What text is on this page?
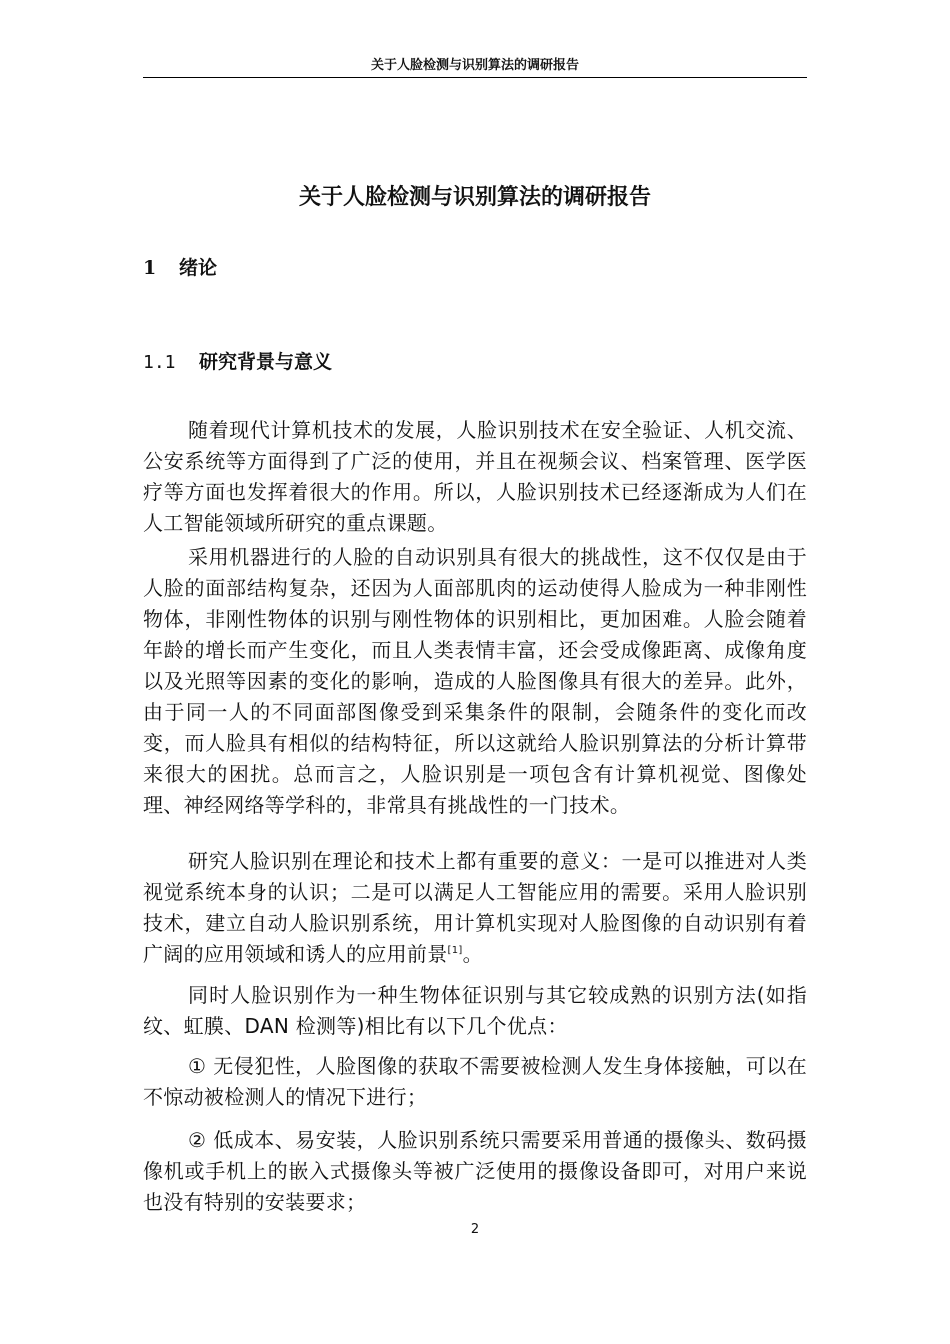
关于人脸检测与识别算法的调研报告
关于人脸检测与识别算法的调研报告
1 绪论
1.1 研究背景与意义

随着现代计算机技术的发展，人脸识别技术在安全验证、人机交流、公安系统等方面得到了广泛的使用，并且在视频会议、档案管理、医学医疗等方面也发挥着很大的作用。所以，人脸识别技术已经逐渐成为人们在人工智能领域所研究的重点课题。

采用机器进行的人脸的自动识别具有很大的挑战性，这不仅仅是由于人脸的面部结构复杂，还因为人面部肌肉的运动使得人脸成为一种非刚性物体，非刚性物体的识别与刚性物体的识别相比，更加困难。人脸会随着年龄的增长而产生变化，而且人类表情丰富，还会受成像距离、成像角度以及光照等因素的变化的影响，造成的人脸图像具有很大的差异。此外，由于同一人的不同面部图像受到采集条件的限制，会随条件的变化而改变，而人脸具有相似的结构特征，所以这就给人脸识别算法的分析计算带来很大的困扰。总而言之，人脸识别是一项包含有计算机视觉、图像处理、神经网络等学科的，非常具有挑战性的一门技术。

研究人脸识别在理论和技术上都有重要的意义：一是可以推进对人类视觉系统本身的认识；二是可以满足人工智能应用的需要。采用人脸识别技术，建立自动人脸识别系统，用计算机实现对人脸图像的自动识别有着广阔的应用领域和诱人的应用前景[1]。

同时人脸识别作为一种生物体征识别与其它较成熟的识别方法(如指纹、虹膜、DAN 检测等)相比有以下几个优点：

① 无侵犯性，人脸图像的获取不需要被检测人发生身体接触，可以在不惊动被检测人的情况下进行；

② 低成本、易安装，人脸识别系统只需要采用普通的摄像头、数码摄像机或手机上的嵌入式摄像头等被广泛使用的摄像设备即可，对用户来说也没有特别的安装要求；

2
